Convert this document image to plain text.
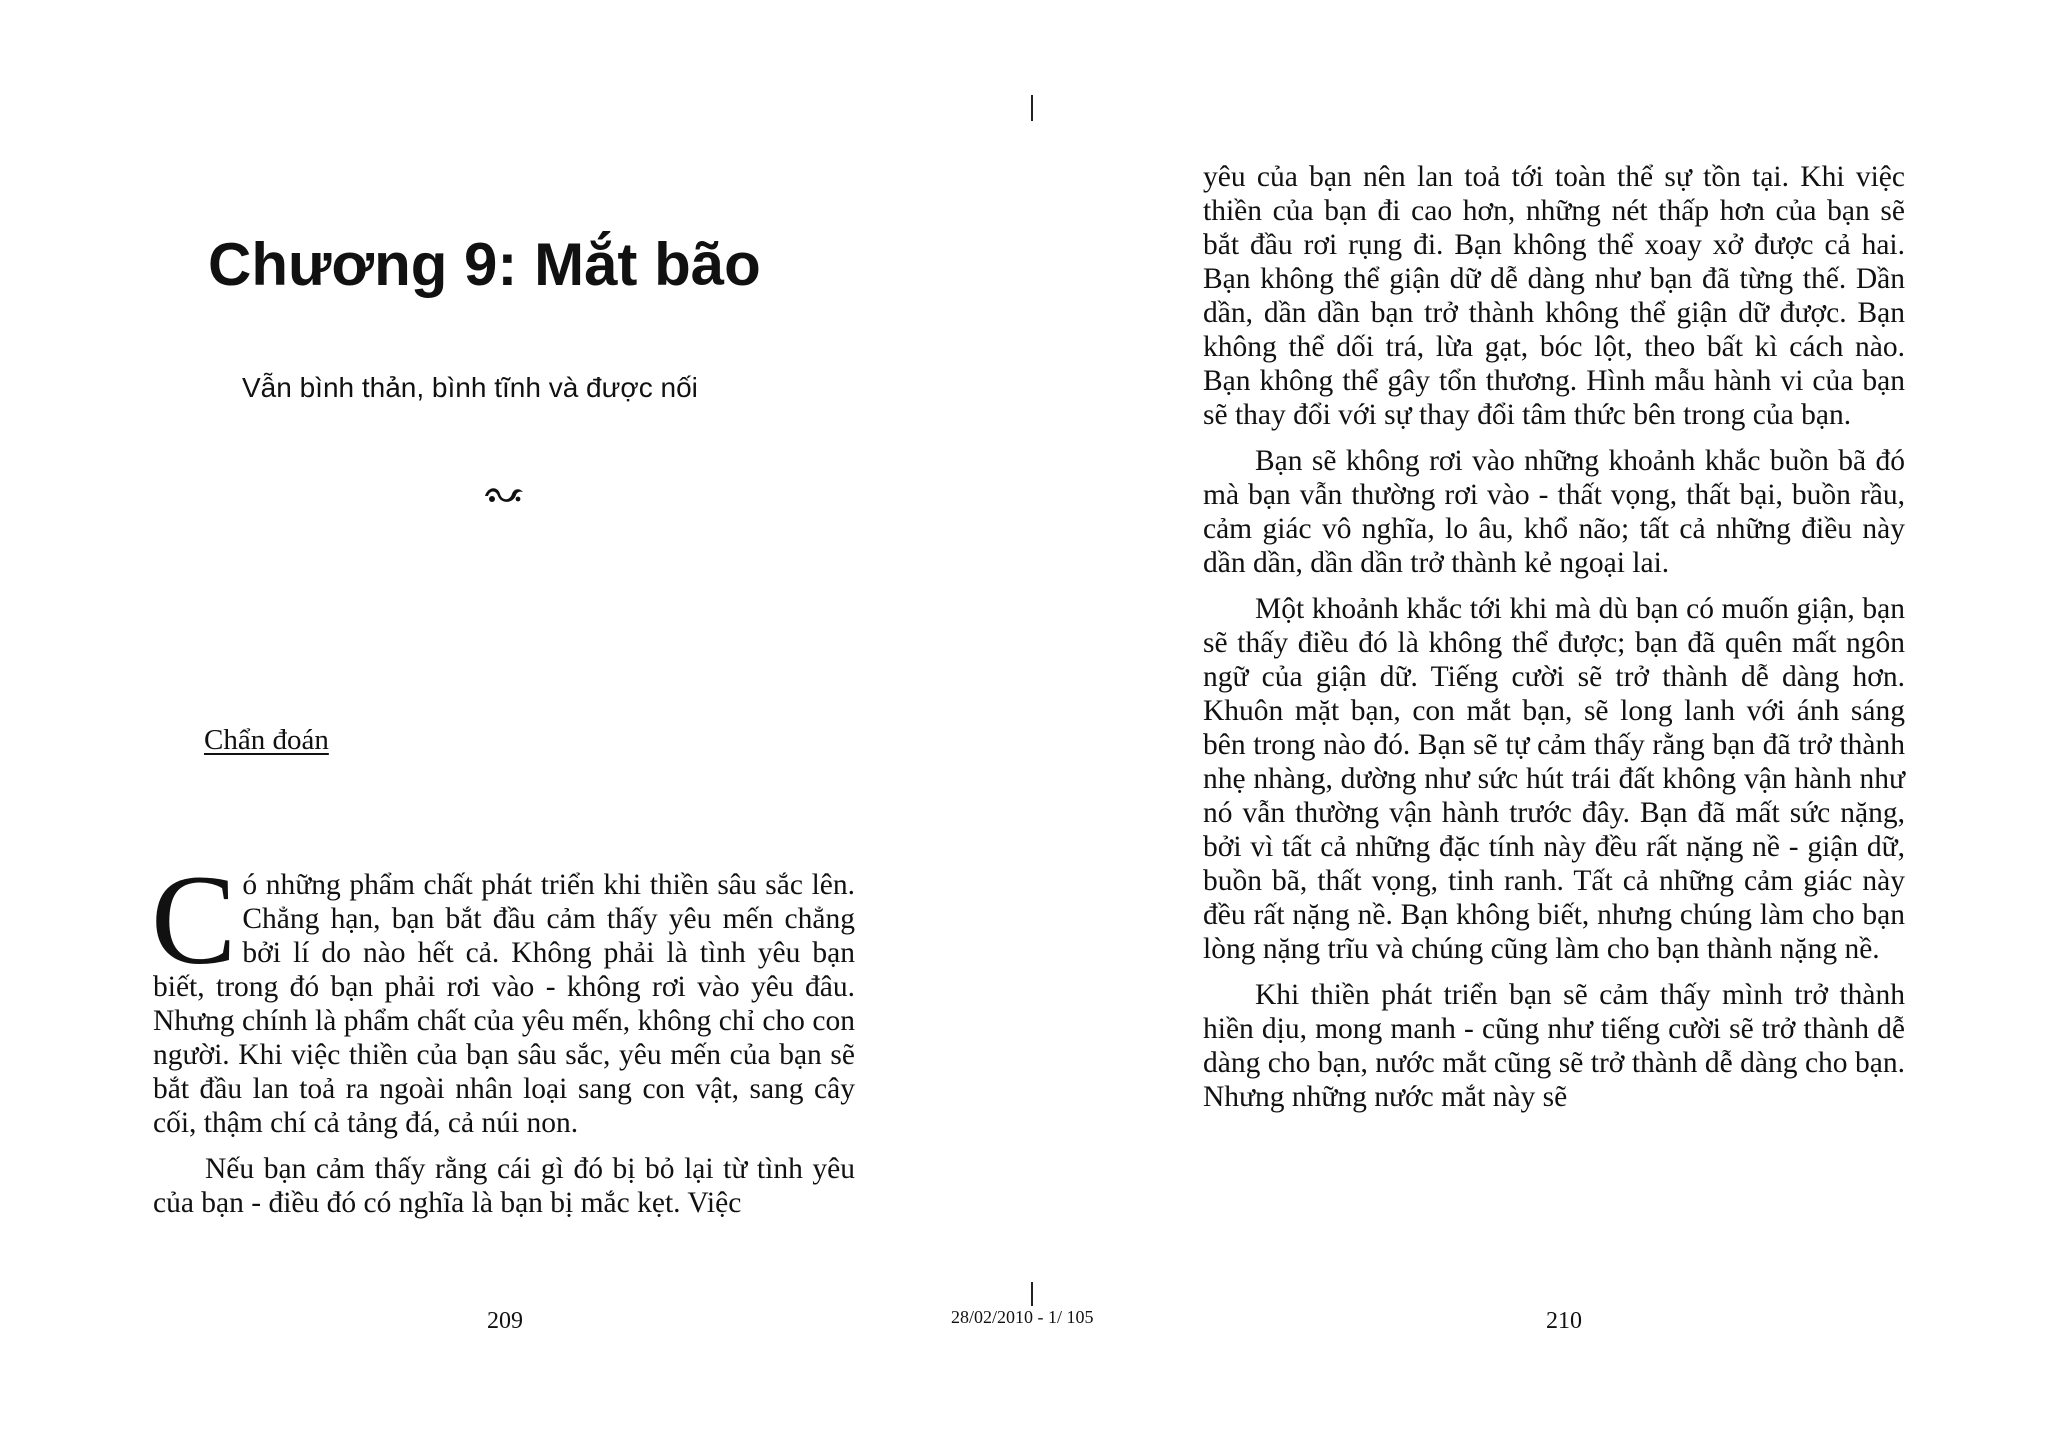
Chương 9: Mắt bão
Vẫn bình thản, bình tĩnh và được nối
Chẩn đoán

Có những phẩm chất phát triển khi thiền sâu sắc lên. Chẳng hạn, bạn bắt đầu cảm thấy yêu mến chẳng bởi lí do nào hết cả. Không phải là tình yêu bạn biết, trong đó bạn phải rơi vào - không rơi vào yêu đâu. Nhưng chính là phẩm chất của yêu mến, không chỉ cho con người. Khi việc thiền của bạn sâu sắc, yêu mến của bạn sẽ bắt đầu lan toả ra ngoài nhân loại sang con vật, sang cây cối, thậm chí cả tảng đá, cả núi non.

Nếu bạn cảm thấy rằng cái gì đó bị bỏ lại từ tình yêu của bạn - điều đó có nghĩa là bạn bị mắc kẹt. Việc

209

yêu của bạn nên lan toả tới toàn thể sự tồn tại. Khi việc thiền của bạn đi cao hơn, những nét thấp hơn của bạn sẽ bắt đầu rơi rụng đi. Bạn không thể xoay xở được cả hai. Bạn không thể giận dữ dễ dàng như bạn đã từng thế. Dần dần, dần dần bạn trở thành không thể giận dữ được. Bạn không thể dối trá, lừa gạt, bóc lột, theo bất kì cách nào. Bạn không thể gây tổn thương. Hình mẫu hành vi của bạn sẽ thay đổi với sự thay đổi tâm thức bên trong của bạn.

Bạn sẽ không rơi vào những khoảnh khắc buồn bã đó mà bạn vẫn thường rơi vào - thất vọng, thất bại, buồn rầu, cảm giác vô nghĩa, lo âu, khổ não; tất cả những điều này dần dần, dần dần trở thành kẻ ngoại lai.

Một khoảnh khắc tới khi mà dù bạn có muốn giận, bạn sẽ thấy điều đó là không thể được; bạn đã quên mất ngôn ngữ của giận dữ. Tiếng cười sẽ trở thành dễ dàng hơn. Khuôn mặt bạn, con mắt bạn, sẽ long lanh với ánh sáng bên trong nào đó. Bạn sẽ tự cảm thấy rằng bạn đã trở thành nhẹ nhàng, dường như sức hút trái đất không vận hành như nó vẫn thường vận hành trước đây. Bạn đã mất sức nặng, bởi vì tất cả những đặc tính này đều rất nặng nề - giận dữ, buồn bã, thất vọng, tinh ranh. Tất cả những cảm giác này đều rất nặng nề. Bạn không biết, nhưng chúng làm cho bạn lòng nặng trĩu và chúng cũng làm cho bạn thành nặng nề.

Khi thiền phát triển bạn sẽ cảm thấy mình trở thành hiền dịu, mong manh - cũng như tiếng cười sẽ trở thành dễ dàng cho bạn, nước mắt cũng sẽ trở thành dễ dàng cho bạn. Nhưng những nước mắt này sẽ

210
28/02/2010 - 1/ 105
